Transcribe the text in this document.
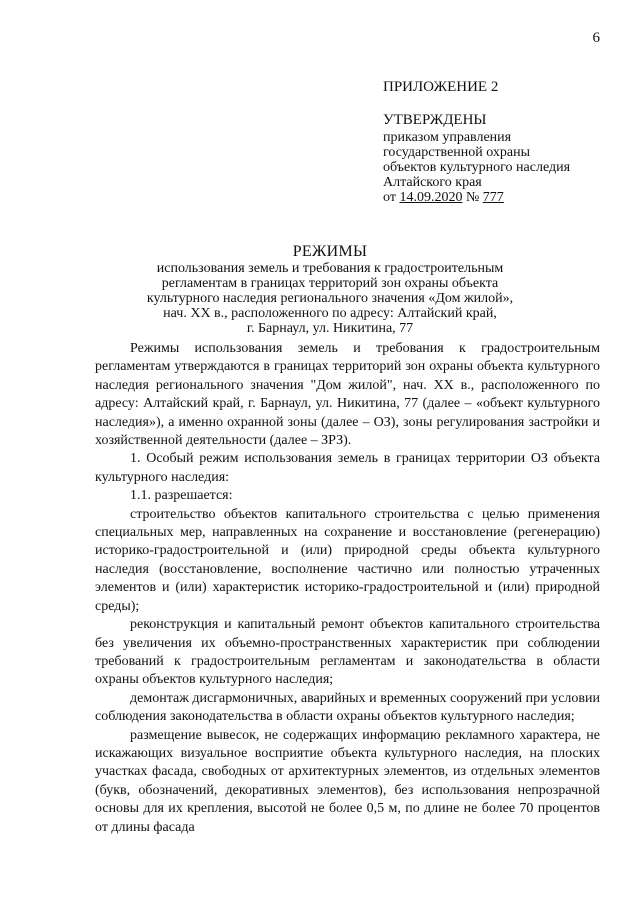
6
ПРИЛОЖЕНИЕ 2
УТВЕРЖДЕНЫ
приказом управления
государственной охраны
объектов культурного наследия
Алтайского края
от 14.09.2020 № 777
РЕЖИМЫ
использования земель и требования к градостроительным
регламентам в границах территорий зон охраны объекта
культурного наследия регионального значения «Дом жилой»,
нач. XX в., расположенного по адресу: Алтайский край,
г. Барнаул, ул. Никитина, 77

Режимы использования земель и требования к градостроительным регламентам утверждаются в границах территорий зон охраны объекта культурного наследия регионального значения "Дом жилой", нач. XX в., расположенного по адресу: Алтайский край, г. Барнаул, ул. Никитина, 77 (далее – «объект культурного наследия»), а именно охранной зоны (далее – ОЗ), зоны регулирования застройки и хозяйственной деятельности (далее – ЗРЗ).

1. Особый режим использования земель в границах территории ОЗ объекта культурного наследия:

1.1. разрешается:

строительство объектов капитального строительства с целью применения специальных мер, направленных на сохранение и восстановление (регенерацию) историко-градостроительной и (или) природной среды объекта культурного наследия (восстановление, восполнение частично или полностью утраченных элементов и (или) характеристик историко-градостроительной и (или) природной среды);

реконструкция и капитальный ремонт объектов капитального строительства без увеличения их объемно-пространственных характеристик при соблюдении требований к градостроительным регламентам и законодательства в области охраны объектов культурного наследия;

демонтаж дисгармоничных, аварийных и временных сооружений при условии соблюдения законодательства в области охраны объектов культурного наследия;

размещение вывесок, не содержащих информацию рекламного характера, не искажающих визуальное восприятие объекта культурного наследия, на плоских участках фасада, свободных от архитектурных элементов, из отдельных элементов (букв, обозначений, декоративных элементов), без использования непрозрачной основы для их крепления, высотой не более 0,5 м, по длине не более 70 процентов от длины фасада
